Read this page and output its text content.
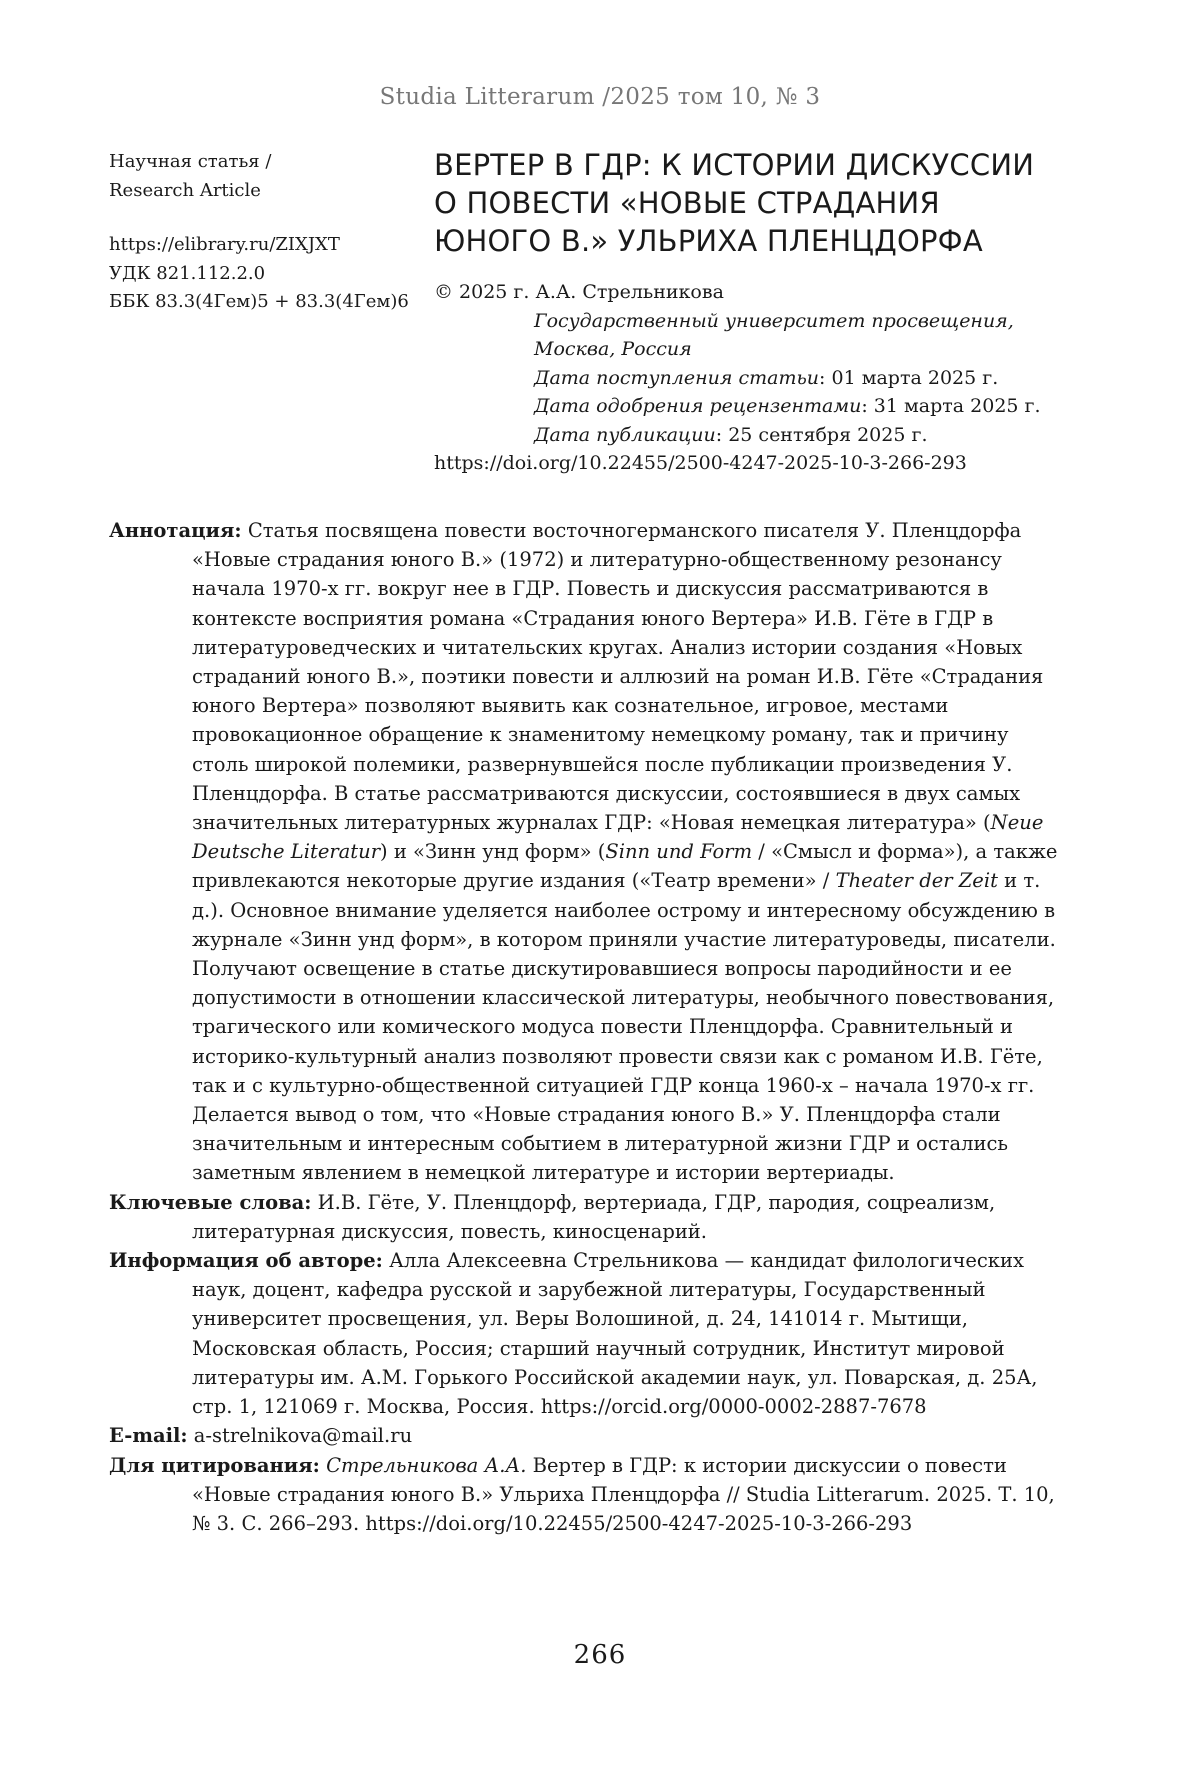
Studia Litterarum /2025 том 10, № 3
Научная статья /
Research Article
https://elibrary.ru/ZIXJXT
УДК 821.112.2.0
ББК 83.3(4Гем)5 + 83.3(4Гем)6
ВЕРТЕР В ГДР: К ИСТОРИИ ДИСКУССИИ
О ПОВЕСТИ «НОВЫЕ СТРАДАНИЯ
ЮНОГО В.» УЛЬРИХА ПЛЕНЦДОРФА
© 2025 г. А.А. Стрельникова
Государственный университет просвещения,
Москва, Россия
Дата поступления статьи: 01 марта 2025 г.
Дата одобрения рецензентами: 31 марта 2025 г.
Дата публикации: 25 сентября 2025 г.
https://doi.org/10.22455/2500-4247-2025-10-3-266-293

Аннотация: Статья посвящена повести восточногерманского писателя У. Пленцдорфа «Новые страдания юного В.» (1972) и литературно-общественному резонансу начала 1970-х гг. вокруг нее в ГДР. Повесть и дискуссия рассматриваются в контексте восприятия романа «Страдания юного Вертера» И.В. Гёте в ГДР в литературоведческих и читательских кругах. Анализ истории создания «Новых страданий юного В.», поэтики повести и аллюзий на роман И.В. Гёте «Страдания юного Вертера» позволяют выявить как сознательное, игровое, местами провокационное обращение к знаменитому немецкому роману, так и причину столь широкой полемики, развернувшейся после публикации произведения У. Пленцдорфа. В статье рассматриваются дискуссии, состоявшиеся в двух самых значительных литературных журналах ГДР: «Новая немецкая литература» (Neue Deutsche Literatur) и «Зинн унд форм» (Sinn und Form / «Смысл и форма»), а также привлекаются некоторые другие издания («Театр времени» / Theater der Zeit и т. д.). Основное внимание уделяется наиболее острому и интересному обсуждению в журнале «Зинн унд форм», в котором приняли участие литературоведы, писатели. Получают освещение в статье дискутировавшиеся вопросы пародийности и ее допустимости в отношении классической литературы, необычного повествования, трагического или комического модуса повести Пленцдорфа. Сравнительный и историко-культурный анализ позволяют провести связи как с романом И.В. Гёте, так и с культурно-общественной ситуацией ГДР конца 1960-х – начала 1970-х гг. Делается вывод о том, что «Новые страдания юного В.» У. Пленцдорфа стали значительным и интересным событием в литературной жизни ГДР и остались заметным явлением в немецкой литературе и истории вертериады.

Ключевые слова: И.В. Гёте, У. Пленцдорф, вертериада, ГДР, пародия, соцреализм, литературная дискуссия, повесть, киносценарий.

Информация об авторе: Алла Алексеевна Стрельникова — кандидат филологических наук, доцент, кафедра русской и зарубежной литературы, Государственный университет просвещения, ул. Веры Волошиной, д. 24, 141014 г. Мытищи, Московская область, Россия; старший научный сотрудник, Институт мировой литературы им. А.М. Горького Российской академии наук, ул. Поварская, д. 25А, стр. 1, 121069 г. Москва, Россия. https://orcid.org/0000-0002-2887-7678

E-mail: a-strelnikova@mail.ru

Для цитирования: Стрельникова А.А. Вертер в ГДР: к истории дискуссии о повести «Новые страдания юного В.» Ульриха Пленцдорфа // Studia Litterarum. 2025. Т. 10, № 3. С. 266–293. https://doi.org/10.22455/2500-4247-2025-10-3-266-293

266
